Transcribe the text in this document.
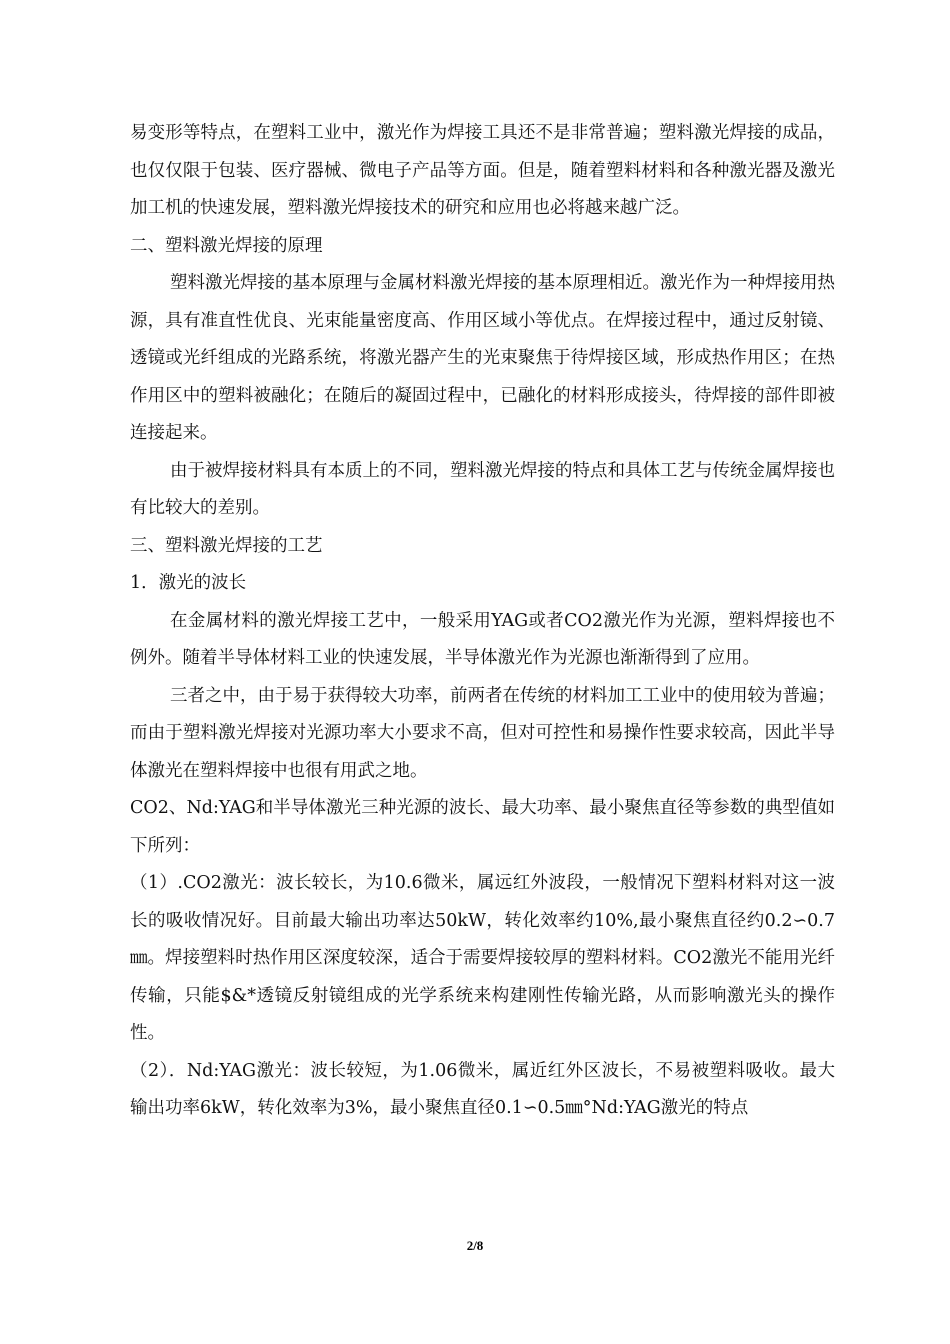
易变形等特点，在塑料工业中，激光作为焊接工具还不是非常普遍；塑料激光焊接的成品，也仅仅限于包装、医疗器械、微电子产品等方面。但是，随着塑料材料和各种激光器及激光加工机的快速发展，塑料激光焊接技术的研究和应用也必将越来越广泛。

二、塑料激光焊接的原理

塑料激光焊接的基本原理与金属材料激光焊接的基本原理相近。激光作为一种焊接用热源，具有准直性优良、光束能量密度高、作用区域小等优点。在焊接过程中，通过反射镜、透镜或光纤组成的光路系统，将激光器产生的光束聚焦于待焊接区域，形成热作用区；在热作用区中的塑料被融化；在随后的凝固过程中，已融化的材料形成接头，待焊接的部件即被连接起来。

由于被焊接材料具有本质上的不同，塑料激光焊接的特点和具体工艺与传统金属焊接也有比较大的差别。

三、塑料激光焊接的工艺

1．激光的波长

在金属材料的激光焊接工艺中，一般采用YAG或者CO2激光作为光源，塑料焊接也不例外。随着半导体材料工业的快速发展，半导体激光作为光源也渐渐得到了应用。

三者之中，由于易于获得较大功率，前两者在传统的材料加工工业中的使用较为普遍；而由于塑料激光焊接对光源功率大小要求不高，但对可控性和易操作性要求较高，因此半导体激光在塑料焊接中也很有用武之地。

CO2、Nd:YAG和半导体激光三种光源的波长、最大功率、最小聚焦直径等参数的典型值如下所列：

（1）.CO2激光：波长较长，为10.6微米，属远红外波段，一般情况下塑料材料对这一波长的吸收情况好。目前最大输出功率达50kW，转化效率约10%,最小聚焦直径约0.2∽0.7㎜。焊接塑料时热作用区深度较深，适合于需要焊接较厚的塑料材料。CO2激光不能用光纤传输，只能$&*透镜反射镜组成的光学系统来构建刚性传输光路，从而影响激光头的操作性。

（2）．Nd:YAG激光：波长较短，为1.06微米，属近红外区波长，不易被塑料吸收。最大输出功率6kW，转化效率为3%，最小聚焦直径0.1∽0.5㎜°Nd:YAG激光的特点

2/8
